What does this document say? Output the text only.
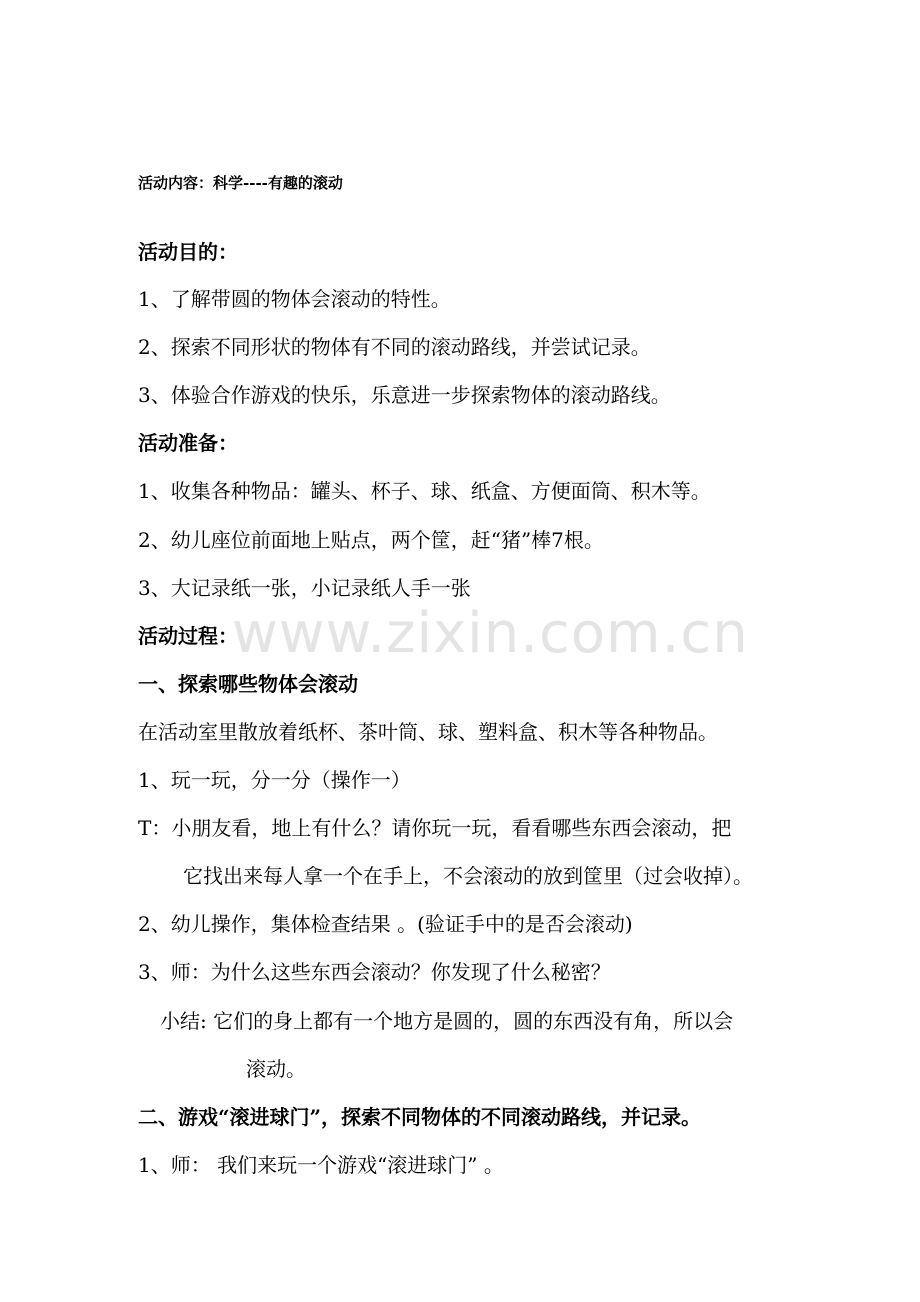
活动内容：科学----有趣的滚动
活动目的：
1、了解带圆的物体会滚动的特性。
2、探索不同形状的物体有不同的滚动路线，并尝试记录。
3、体验合作游戏的快乐，乐意进一步探索物体的滚动路线。
活动准备：
1、收集各种物品：罐头、杯子、球、纸盒、方便面筒、积木等。
2、幼儿座位前面地上贴点，两个筐，赶“猪”棒7根。
3、大记录纸一张，小记录纸人手一张
活动过程：
一、探索哪些物体会滚动
在活动室里散放着纸杯、茶叶筒、球、塑料盒、积木等各种物品。
1、玩一玩，分一分（操作一）
T：小朋友看，地上有什么？请你玩一玩，看看哪些东西会滚动，把
它找出来每人拿一个在手上，不会滚动的放到筐里（过会收掉）。
2、幼儿操作，集体检查结果 。(验证手中的是否会滚动)
3、师：为什么这些东西会滚动？你发现了什么秘密？
小结: 它们的身上都有一个地方是圆的，圆的东西没有角，所以会
滚动。
二、游戏“滚进球门”，探索不同物体的不同滚动路线，并记录。
1、师： 我们来玩一个游戏“滚进球门” 。
www.zixin.com.cn
